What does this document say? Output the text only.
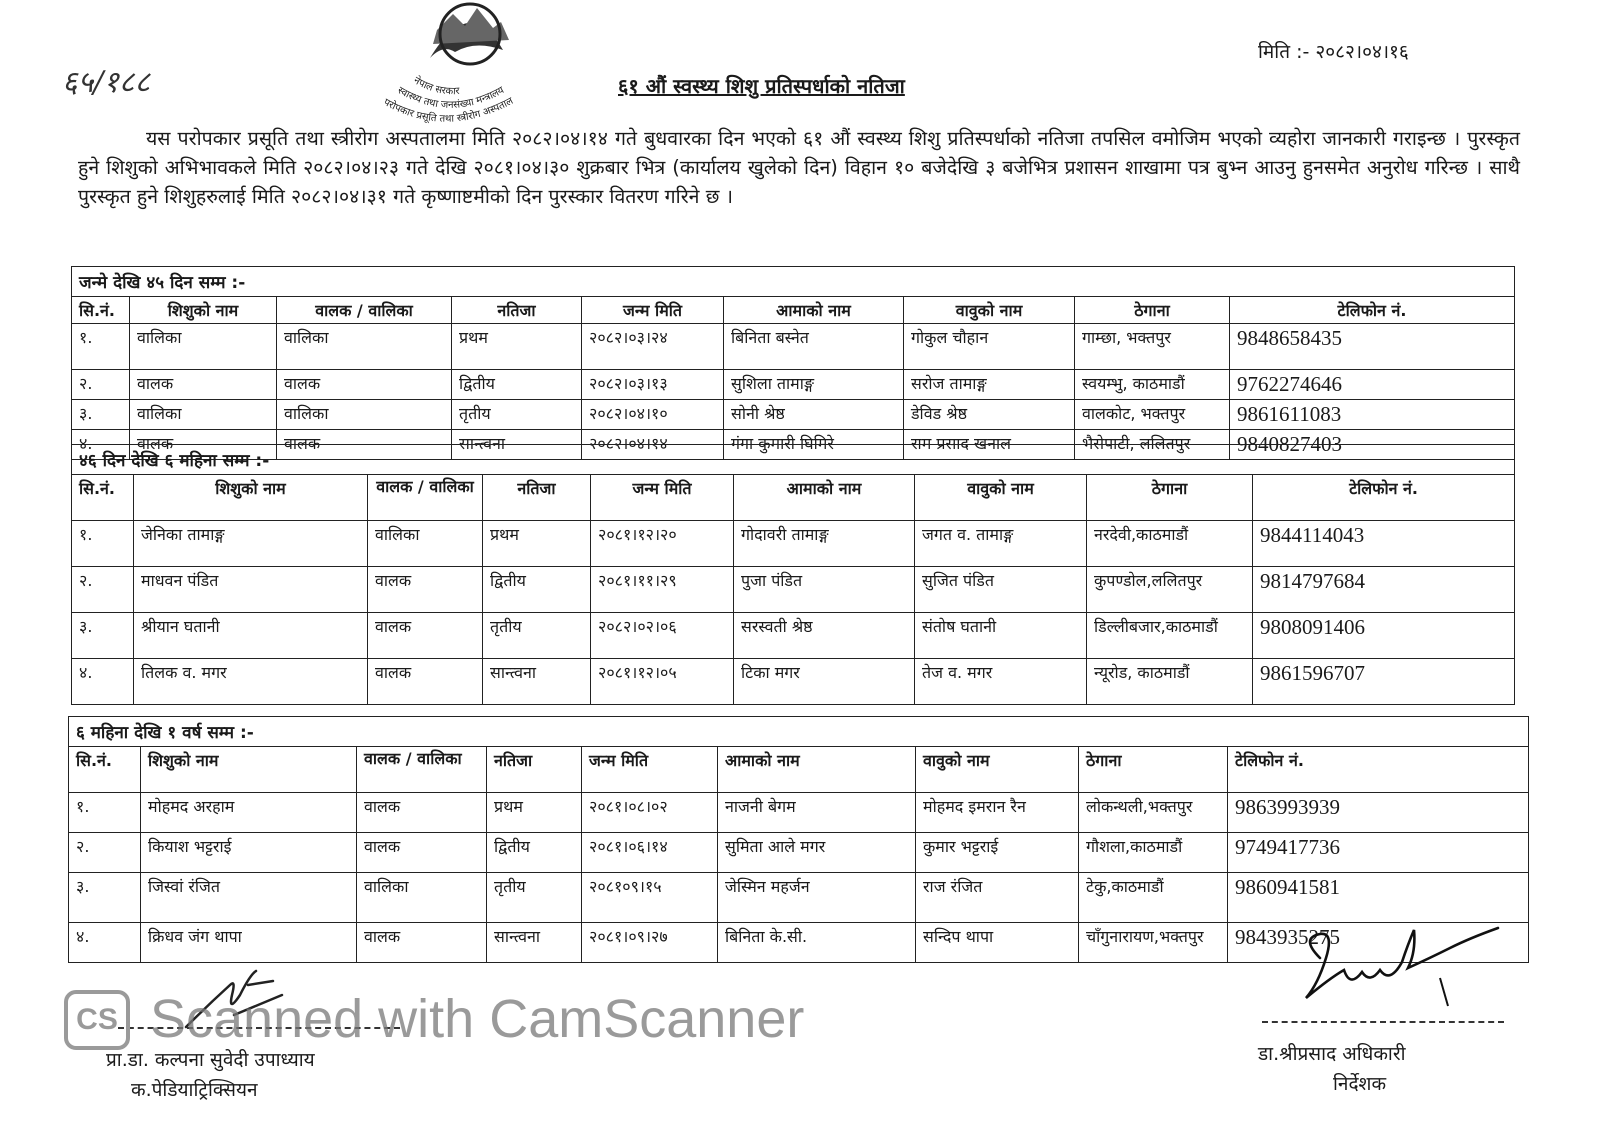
६५/१८८	नेपाल सरकार
स्वास्थ्य तथा जनसंख्या मन्त्रालय
परोपकार प्रसूति तथा स्त्रीरोग अस्पताल
मिति :- २०८२।०४।१६
६१ औं स्वस्थ्य शिशु प्रतिस्पर्धाको नतिजा
यस परोपकार प्रसूति तथा स्त्रीरोग अस्पतालमा मिति २०८२।०४।१४ गते बुधवारका दिन भएको ६१ औं स्वस्थ्य शिशु प्रतिस्पर्धाको नतिजा तपसिल वमोजिम भएको व्यहोरा जानकारी गराइन्छ । पुरस्कृत हुने शिशुको अभिभावकले मिति २०८२।०४।२३ गते देखि २०८१।०४।३० शुक्रबार भित्र (कार्यालय खुलेको दिन) विहान १० बजेदेखि ३ बजेभित्र प्रशासन शाखामा पत्र बुभ्न आउनु हुनसमेत अनुरोध गरिन्छ । साथै पुरस्कृत हुने शिशुहरुलाई मिति २०८२।०४।३१ गते कृष्णाष्टमीको दिन पुरस्कार वितरण गरिने छ ।
जन्मे देखि ४५ दिन सम्म :-								
सि.नं.	शिशुको नाम	वालक / वालिका	नतिजा	जन्म मिति	आमाको नाम	वावुको नाम	ठेगाना	टेलिफोन नं.
१.	वालिका	वालिका	प्रथम	२०८२।०३।२४	बिनिता बस्नेत	गोकुल चौहान	गाम्छा, भक्तपुर	9848658435
२.	वालक	वालक	द्वितीय	२०८२।०३।१३	सुशिला तामाङ्ग	सरोज तामाङ्ग	स्वयम्भु, काठमाडौं	9762274646
३.	वालिका	वालिका	तृतीय	२०८२।०४।१०	सोनी श्रेष्ठ	डेविड श्रेष्ठ	वालकोट, भक्तपुर	9861611083
४.	वालक	वालक	सान्त्वना	२०८२।०४।१४	गंगा कुमारी घिमिरे	राम प्रसाद खनाल	भैसेपाटी, ललितपुर	9840827403
४६ दिन देखि ६ महिना सम्म :-								
सि.नं.	शिशुको नाम	वालक / वालिका	नतिजा	जन्म मिति	आमाको नाम	वावुको नाम	ठेगाना	टेलिफोन नं.
१.	जेनिका तामाङ्ग	वालिका	प्रथम	२०८१।१२।२०	गोदावरी तामाङ्ग	जगत व. तामाङ्ग	नरदेवी,काठमाडौं	9844114043
२.	माधवन पंडित	वालक	द्वितीय	२०८१।११।२९	पुजा पंडित	सुजित पंडित	कुपण्डोल,ललितपुर	9814797684
३.	श्रीयान घतानी	वालक	तृतीय	२०८२।०२।०६	सरस्वती श्रेष्ठ	संतोष घतानी	डिल्लीबजार,काठमाडौं	9808091406
४.	तिलक व. मगर	वालक	सान्त्वना	२०८१।१२।०५	टिका मगर	तेज व. मगर	न्यूरोड, काठमाडौं	9861596707
६ महिना देखि १ वर्ष सम्म :-								
सि.नं.	शिशुको नाम	वालक / वालिका	नतिजा	जन्म मिति	आमाको नाम	वावुको नाम	ठेगाना	टेलिफोन नं.
१.	मोहमद अरहाम	वालक	प्रथम	२०८१।०८।०२	नाजनी बेगम	मोहमद इमरान रैन	लोकन्थली,भक्तपुर	9863993939
२.	कियाश भट्टराई	वालक	द्वितीय	२०८१।०६।१४	सुमिता आले मगर	कुमार भट्टराई	गौशला,काठमाडौं	9749417736
३.	जिस्वां रंजित	वालिका	तृतीय	२०८१०९।१५	जेस्मिन महर्जन	राज रंजित	टेकु,काठमाडौं	9860941581
४.	क्रिधव जंग थापा	वालक	सान्त्वना	२०८१।०९।२७	बिनिता के.सी.	सन्दिप थापा	चाँगुनारायण,भक्तपुर	9843935275
प्रा.डा. कल्पना सुवेदी उपाध्याय
क.पेडियाट्रिक्सियन
डा.श्रीप्रसाद अधिकारी
निर्देशक
CS Scanned with CamScanner
